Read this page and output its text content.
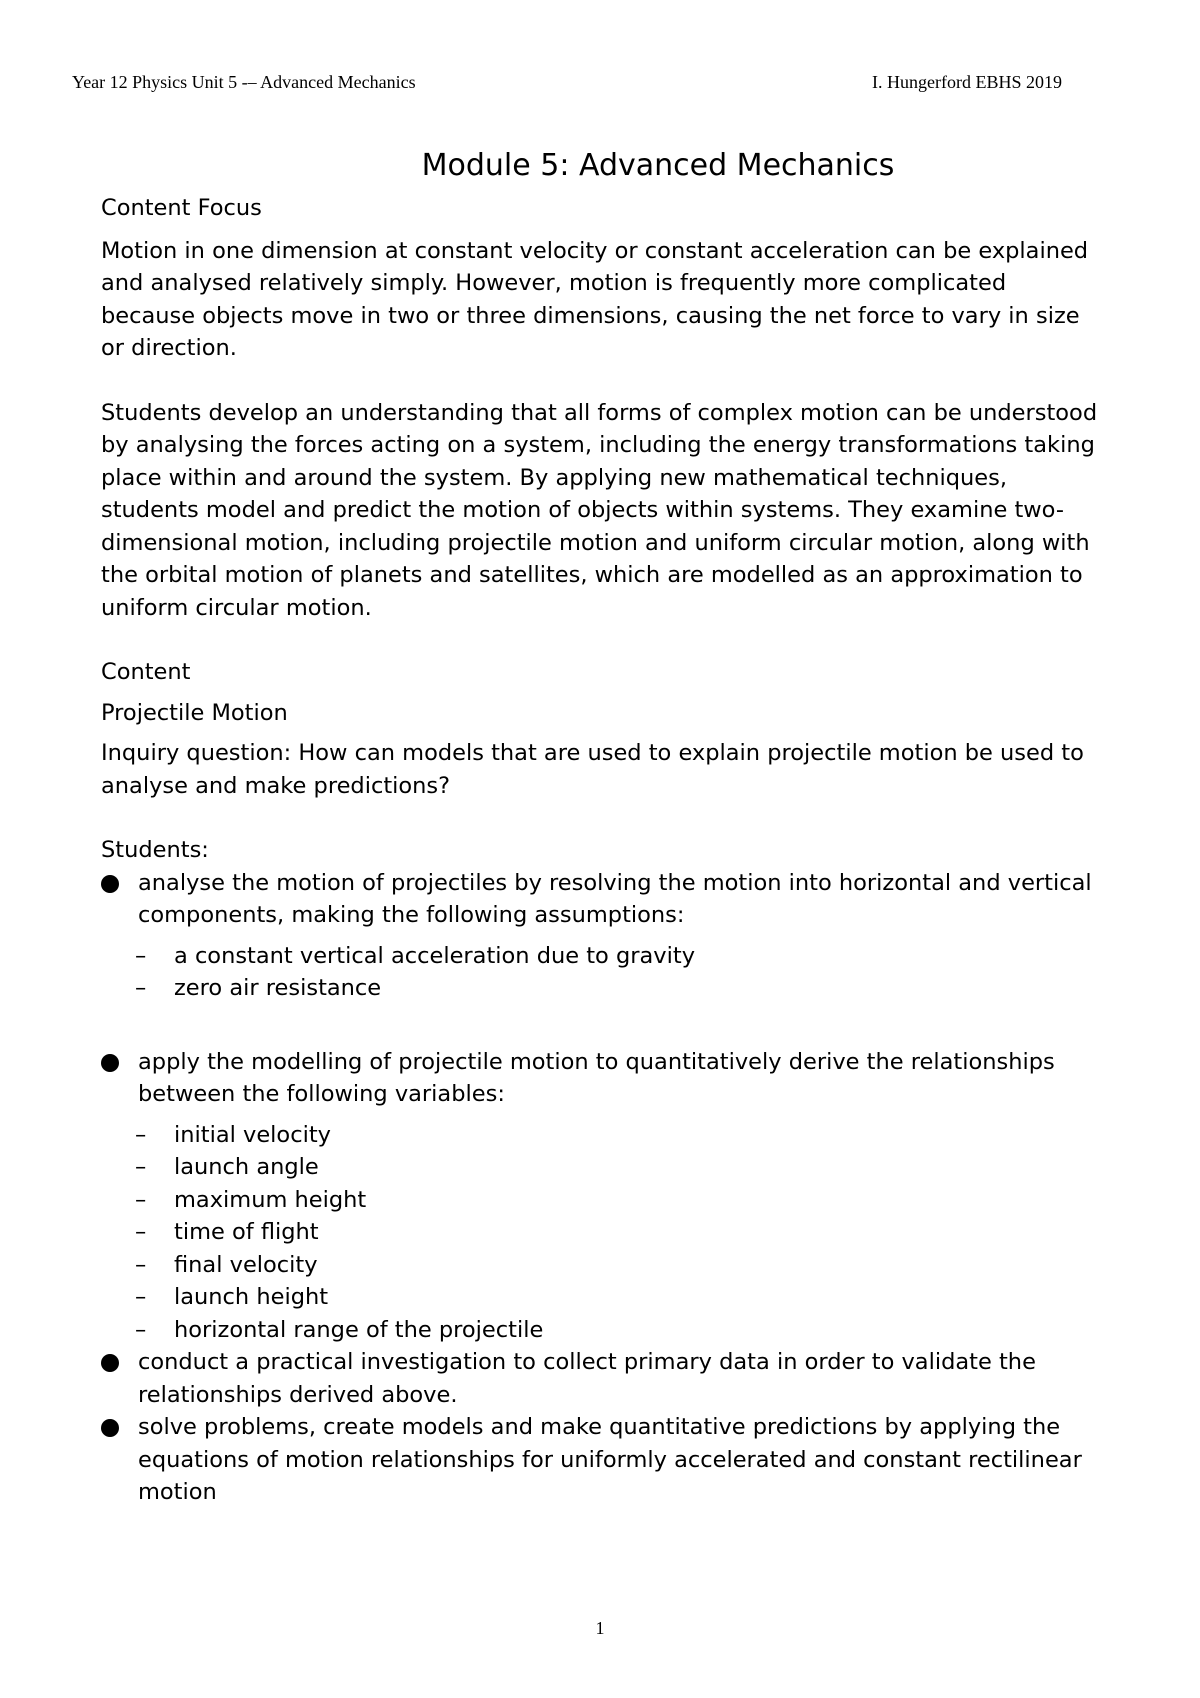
Year 12 Physics Unit 5 -– Advanced Mechanics	I. Hungerford EBHS 2019
Module 5: Advanced Mechanics

Content Focus

Motion in one dimension at constant velocity or constant acceleration can be explained and analysed relatively simply. However, motion is frequently more complicated because objects move in two or three dimensions, causing the net force to vary in size or direction.

Students develop an understanding that all forms of complex motion can be understood by analysing the forces acting on a system, including the energy transformations taking place within and around the system. By applying new mathematical techniques, students model and predict the motion of objects within systems. They examine two-dimensional motion, including projectile motion and uniform circular motion, along with the orbital motion of planets and satellites, which are modelled as an approximation to uniform circular motion.

Content

Projectile Motion

Inquiry question: How can models that are used to explain projectile motion be used to analyse and make predictions?

Students:

analyse the motion of projectiles by resolving the motion into horizontal and vertical components, making the following assumptions:
– a constant vertical acceleration due to gravity
– zero air resistance
apply the modelling of projectile motion to quantitatively derive the relationships between the following variables:
– initial velocity
– launch angle
– maximum height
– time of flight
– final velocity
– launch height
– horizontal range of the projectile
conduct a practical investigation to collect primary data in order to validate the relationships derived above.
solve problems, create models and make quantitative predictions by applying the equations of motion relationships for uniformly accelerated and constant rectilinear motion
1
